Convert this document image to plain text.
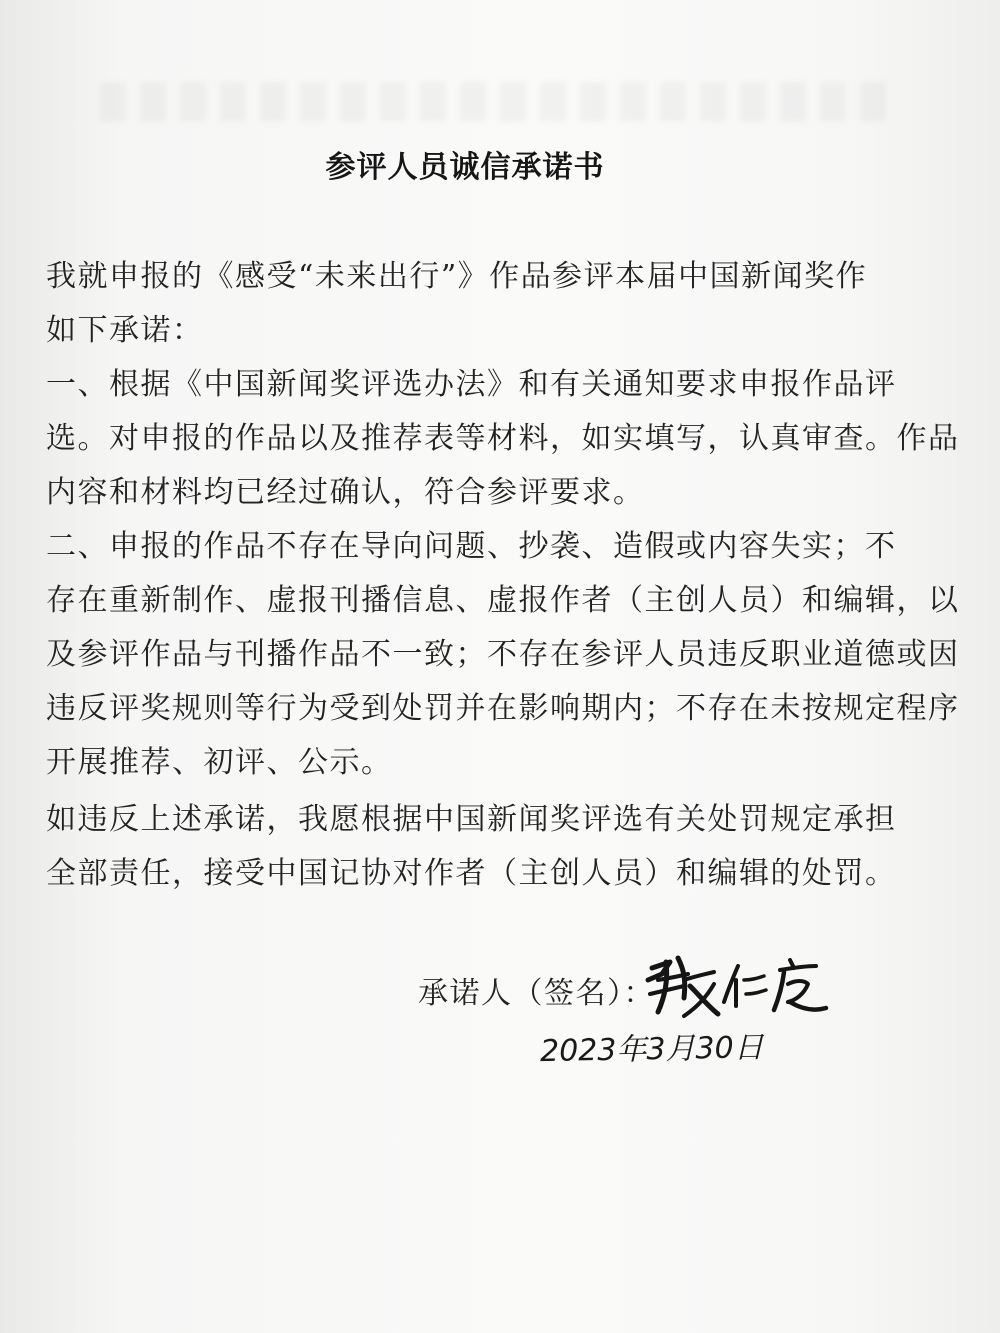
参评人员诚信承诺书
我就申报的《感受“未来出行”》作品参评本届中国新闻奖作
如下承诺：
一、根据《中国新闻奖评选办法》和有关通知要求申报作品评
选。对申报的作品以及推荐表等材料，如实填写，认真审查。作品
内容和材料均已经过确认，符合参评要求。
二、申报的作品不存在导向问题、抄袭、造假或内容失实；不
存在重新制作、虚报刊播信息、虚报作者（主创人员）和编辑，以
及参评作品与刊播作品不一致；不存在参评人员违反职业道德或因
违反评奖规则等行为受到处罚并在影响期内；不存在未按规定程序
开展推荐、初评、公示。
如违反上述承诺，我愿根据中国新闻奖评选有关处罚规定承担
全部责任，接受中国记协对作者（主创人员）和编辑的处罚。
承诺人（签名）：
2023年3月30日
